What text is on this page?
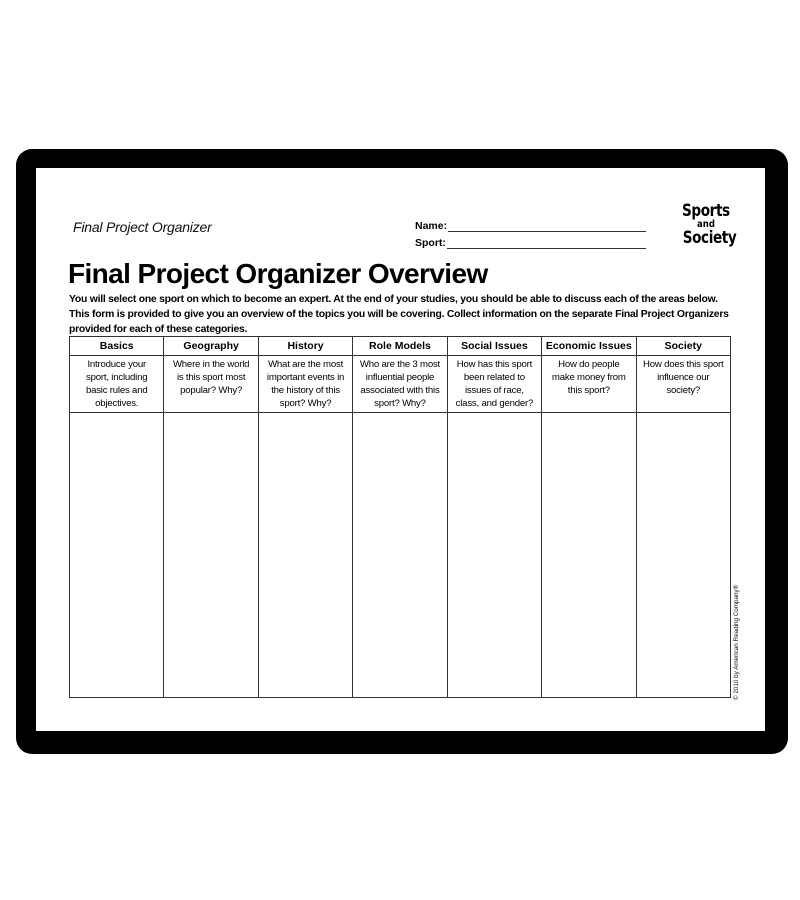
Final Project Organizer	Name:
Sport:
Sports
and
Society
Final Project Organizer Overview
You will select one sport on which to become an expert. At the end of your studies, you should be able to discuss each of the areas below. This form is provided to give you an overview of the topics you will be covering. Collect information on the separate Final Project Organizers provided for each of these categories.
Basics	Geography	History	Role Models	Social Issues	Economic Issues	Society
Introduce your sport, including basic rules and objectives.	Where in the world is this sport most popular? Why?	What are the most important events in the history of this sport? Why?	Who are the 3 most influential people associated with this sport? Why?	How has this sport been related to issues of race, class, and gender?	How do people make money from this sport?	How does this sport influence our society?

© 2010 by American Reading Company®
